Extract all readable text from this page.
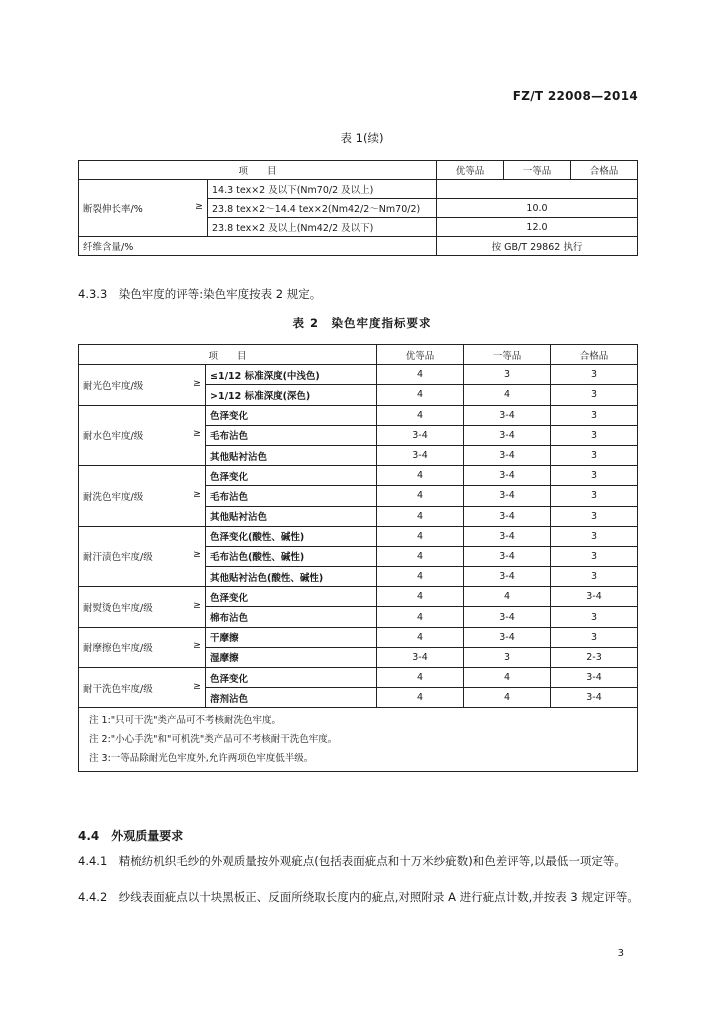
FZ/T 22008—2014
表 1(续)
项　　目		优等品	一等品	合格品
断裂伸长率/% ≥	14.3 tex×2 及以下(Nm70/2 及以上)			
	23.8 tex×2～14.4 tex×2(Nm42/2～Nm70/2)	10.0		
	23.8 tex×2 及以上(Nm42/2 及以下)	12.0		
纤维含量/%		按 GB/T 29862 执行		
4.3.3　染色牢度的评等:染色牢度按表 2 规定。
表 2　染色牢度指标要求
项　　目		优等品	一等品	合格品
耐光色牢度/级 ≥	≤1/12 标准深度(中浅色)	4	3	3
	>1/12 标准深度(深色)	4	4	3
耐水色牢度/级 ≥	色泽变化	4	3-4	3
	毛布沾色	3-4	3-4	3
	其他贴衬沾色	3-4	3-4	3
耐洗色牢度/级 ≥	色泽变化	4	3-4	3
	毛布沾色	4	3-4	3
	其他贴衬沾色	4	3-4	3
耐汗渍色牢度/级 ≥	色泽变化(酸性、碱性)	4	3-4	3
	毛布沾色(酸性、碱性)	4	3-4	3
	其他贴衬沾色(酸性、碱性)	4	3-4	3
耐熨烫色牢度/级 ≥	色泽变化	4	4	3-4
	棉布沾色	4	3-4	3
耐摩擦色牢度/级 ≥	干摩擦	4	3-4	3
	湿摩擦	3-4	3	2-3
耐干洗色牢度/级 ≥	色泽变化	4	4	3-4
	溶剂沾色	4	4	3-4

注 1:"只可干洗"类产品可不考核耐洗色牢度。
注 2:"小心手洗"和"可机洗"类产品可不考核耐干洗色牢度。
注 3:一等品除耐光色牢度外,允许两项色牢度低半级。				
4.4　外观质量要求
4.4.1　精梳纺机织毛纱的外观质量按外观疵点(包括表面疵点和十万米纱疵数)和色差评等,以最低一项定等。
4.4.2　纱线表面疵点以十块黑板正、反面所绕取长度内的疵点,对照附录 A 进行疵点计数,并按表 3 规定评等。
3
